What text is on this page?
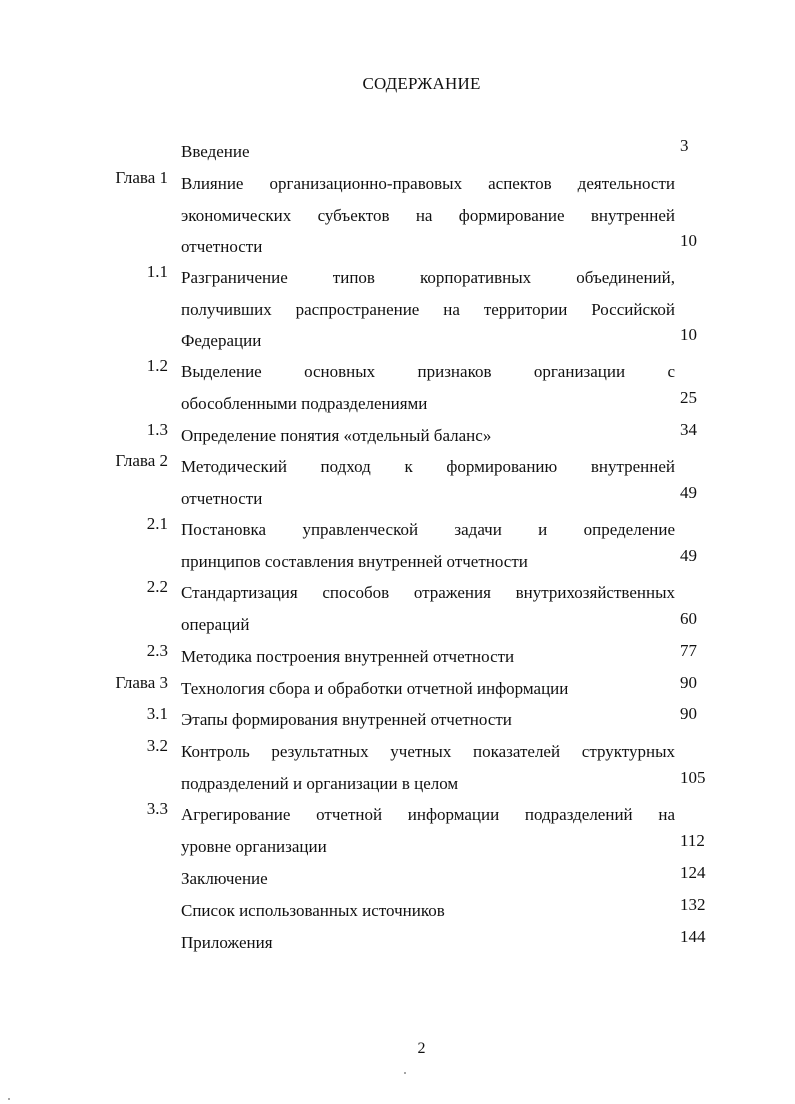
СОДЕРЖАНИЕ
Введение	3
Глава 1 Влияние организационно-правовых аспектов деятельности
экономических субъектов на формирование внутренней
отчетности	10
1.1 Разграничение типов корпоративных объединений,
получивших распространение на территории Российской
Федерации	10
1.2 Выделение основных признаков организации с
обособленными подразделениями	25
1.3 Определение понятия «отдельный баланс»	34
Глава 2 Методический подход к формированию внутренней
отчетности	49
2.1 Постановка управленческой задачи и определение
принципов составления внутренней отчетности	49
2.2 Стандартизация способов отражения внутрихозяйственных
операций	60
2.3 Методика построения внутренней отчетности	77
Глава 3 Технология сбора и обработки отчетной информации	90
3.1 Этапы формирования внутренней отчетности	90
3.2 Контроль результатных учетных показателей структурных
подразделений и организации в целом	105
3.3 Агрегирование отчетной информации подразделений на
уровне организации	112
Заключение	124
Список использованных источников	132
Приложения	144
2
